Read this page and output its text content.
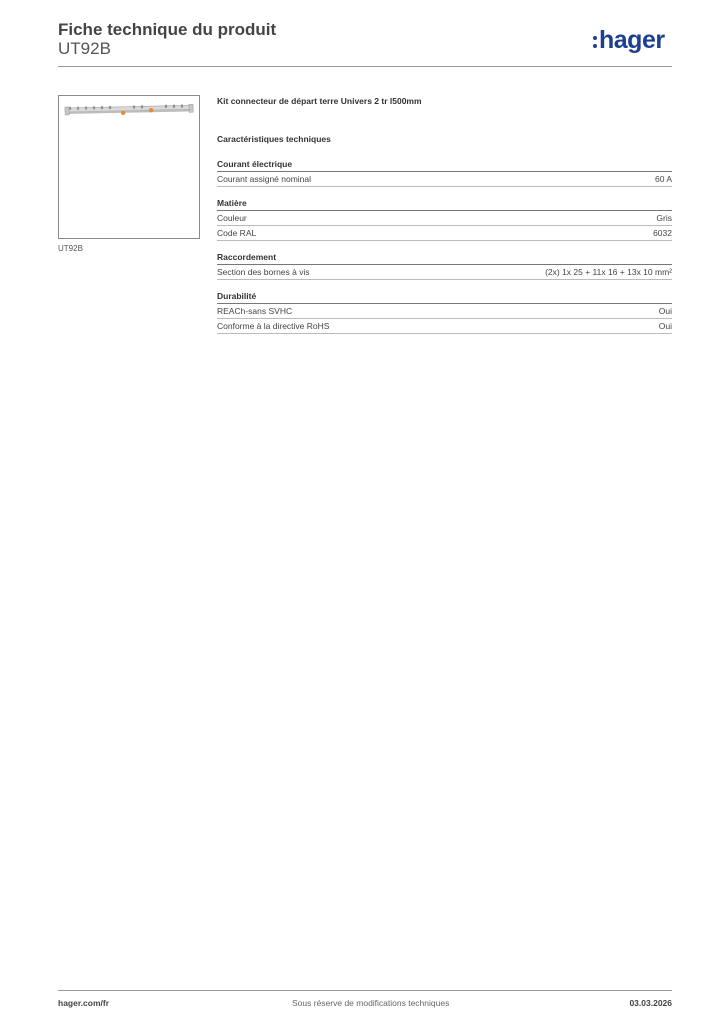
Fiche technique du produit
UT92B	hager
UT92B
Kit connecteur de départ terre Univers 2 tr l500mm
Caractéristiques techniques
Courant électrique
Courant assigné nominal	60 A
Matière
Couleur	Gris
Code RAL	6032
Raccordement
Section des bornes à vis	(2x) 1x 25 + 11x 16 + 13x 10 mm²
Durabilité
REACh-sans SVHC	Oui
Conforme à la directive RoHS	Oui
hager.com/fr	Sous réserve de modifications techniques	03.03.2026
